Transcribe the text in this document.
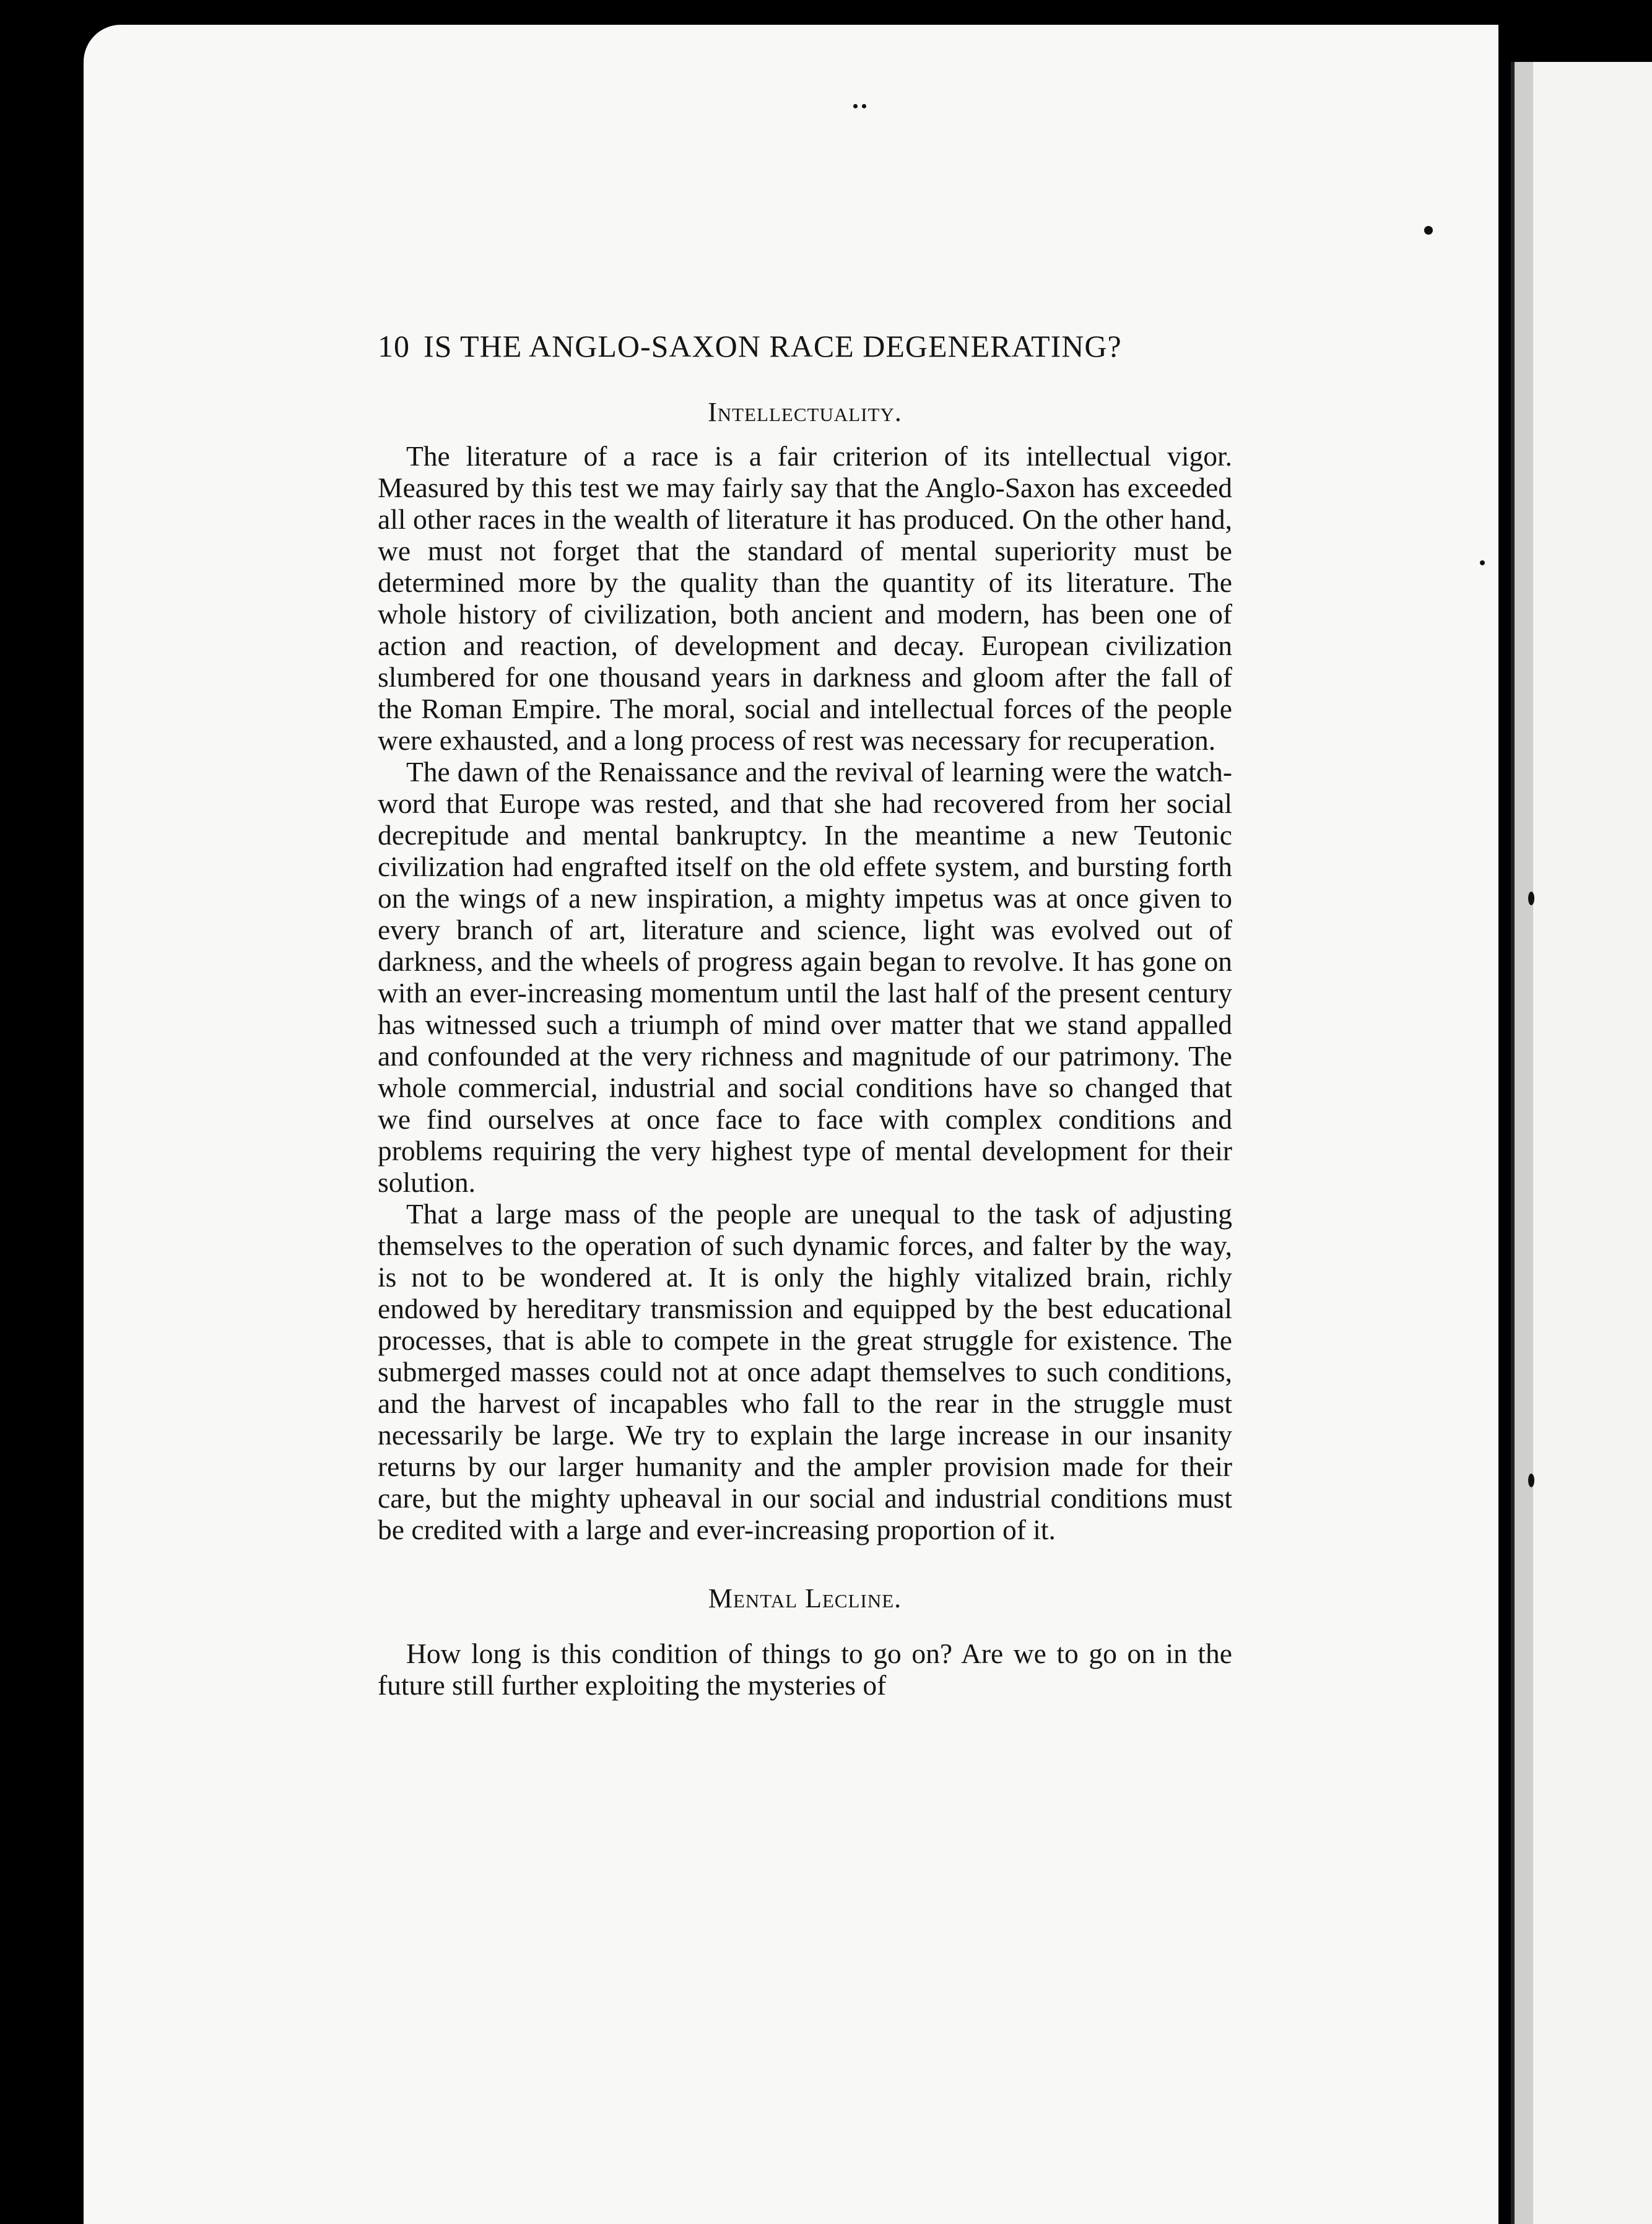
10 IS THE ANGLO-SAXON RACE DEGENERATING?
Intellectuality.

The literature of a race is a fair criterion of its intellectual vigor. Measured by this test we may fairly say that the Anglo-Saxon has exceeded all other races in the wealth of literature it has produced. On the other hand, we must not forget that the standard of mental superiority must be determined more by the quality than the quantity of its literature. The whole history of civilization, both ancient and modern, has been one of action and reaction, of development and decay. European civilization slumbered for one thousand years in darkness and gloom after the fall of the Roman Empire. The moral, social and intellectual forces of the people were exhausted, and a long process of rest was necessary for recuperation.

The dawn of the Renaissance and the revival of learning were the watch-word that Europe was rested, and that she had recovered from her social decrepitude and mental bankruptcy. In the meantime a new Teutonic civilization had engrafted itself on the old effete system, and bursting forth on the wings of a new inspiration, a mighty impetus was at once given to every branch of art, literature and science, light was evolved out of darkness, and the wheels of progress again began to revolve. It has gone on with an ever-increasing momentum until the last half of the present century has witnessed such a triumph of mind over matter that we stand appalled and confounded at the very richness and magnitude of our patrimony. The whole commercial, industrial and social conditions have so changed that we find ourselves at once face to face with complex conditions and problems requiring the very highest type of mental development for their solution.

That a large mass of the people are unequal to the task of adjusting themselves to the operation of such dynamic forces, and falter by the way, is not to be wondered at. It is only the highly vitalized brain, richly endowed by hereditary transmission and equipped by the best educational processes, that is able to compete in the great struggle for existence. The submerged masses could not at once adapt themselves to such conditions, and the harvest of incapables who fall to the rear in the struggle must necessarily be large. We try to explain the large increase in our insanity returns by our larger humanity and the ampler provision made for their care, but the mighty upheaval in our social and industrial conditions must be credited with a large and ever-increasing proportion of it.

Mental Lecline.

How long is this condition of things to go on? Are we to go on in the future still further exploiting the mysteries of
